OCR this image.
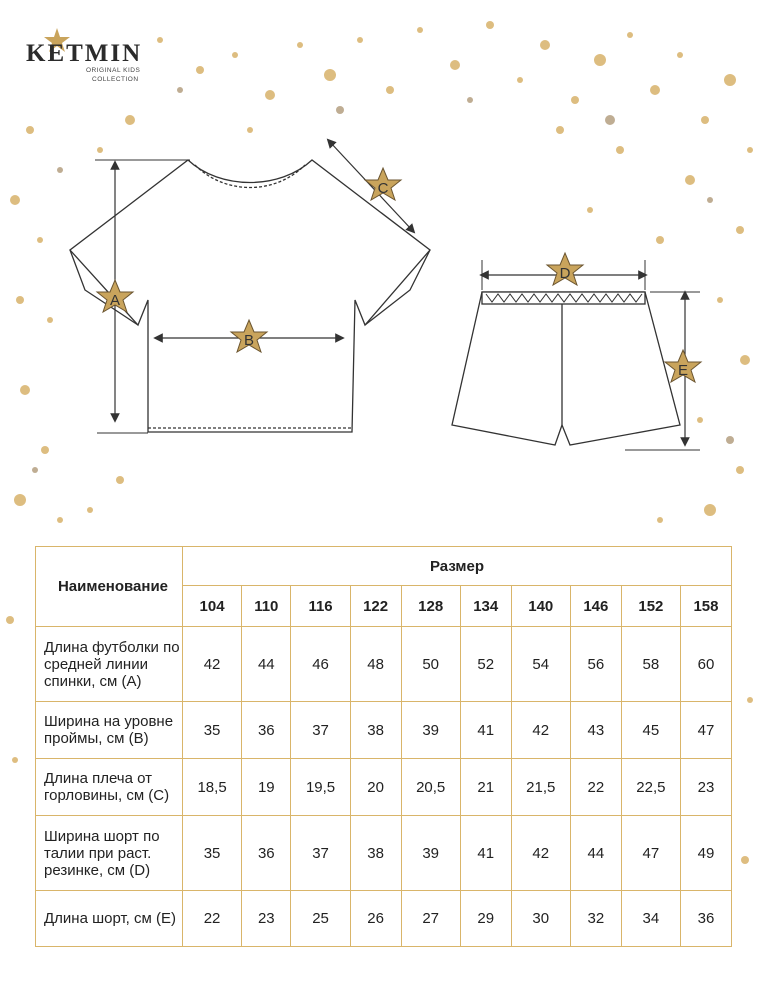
KETMIN
ORIGINAL KIDS
COLLECTION
A
B
C
D
E
Наименование	Размер									
	104	110	116	122	128	134	140	146	152	158
Длина футболки по средней линии спинки, см (A)	42	44	46	48	50	52	54	56	58	60
Ширина на уровне проймы, см (B)	35	36	37	38	39	41	42	43	45	47
Длина плеча от горловины, см (C)	18,5	19	19,5	20	20,5	21	21,5	22	22,5	23
Ширина шорт по талии при раст. резинке, см (D)	35	36	37	38	39	41	42	44	47	49
Длина шорт, см (E)	22	23	25	26	27	29	30	32	34	36
